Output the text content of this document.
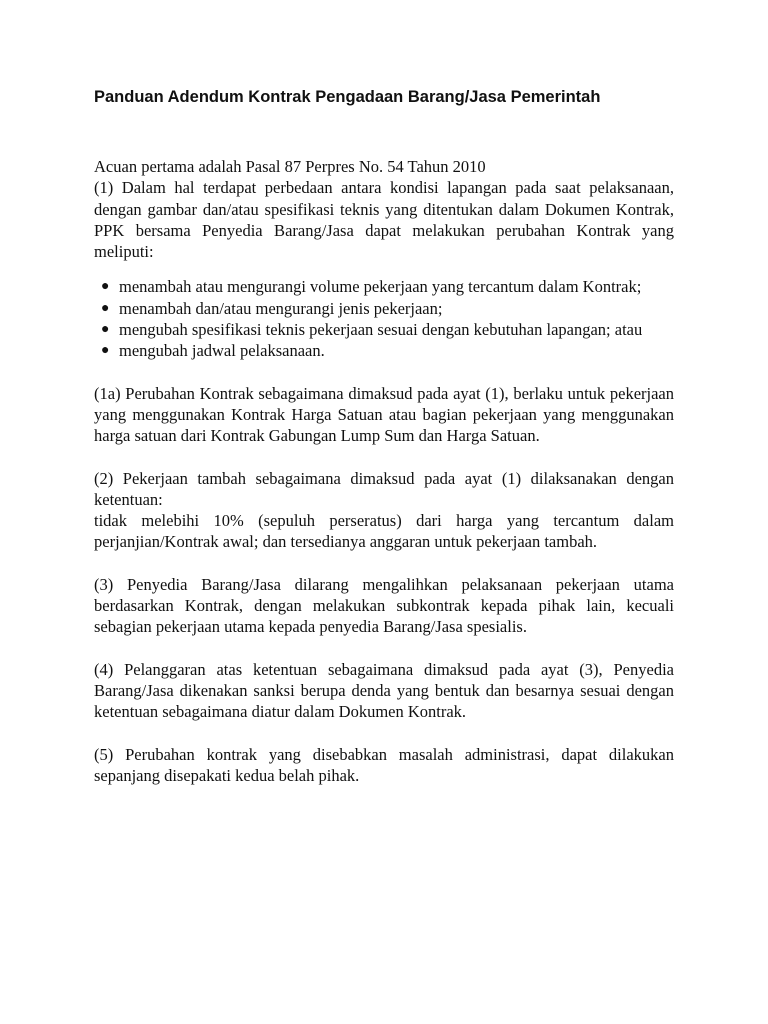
Panduan Adendum Kontrak Pengadaan Barang/Jasa Pemerintah

Acuan pertama adalah Pasal 87 Perpres No. 54 Tahun 2010

(1) Dalam hal terdapat perbedaan antara kondisi lapangan pada saat pelaksanaan, dengan gambar dan/atau spesifikasi teknis yang ditentukan dalam Dokumen Kontrak, PPK bersama Penyedia Barang/Jasa dapat melakukan perubahan Kontrak yang meliputi:

● menambah atau mengurangi volume pekerjaan yang tercantum dalam Kontrak;
● menambah dan/atau mengurangi jenis pekerjaan;
● mengubah spesifikasi teknis pekerjaan sesuai dengan kebutuhan lapangan; atau
● mengubah jadwal pelaksanaan.

(1a) Perubahan Kontrak sebagaimana dimaksud pada ayat (1), berlaku untuk pekerjaan yang menggunakan Kontrak Harga Satuan atau bagian pekerjaan yang menggunakan harga satuan dari Kontrak Gabungan Lump Sum dan Harga Satuan.

(2) Pekerjaan tambah sebagaimana dimaksud pada ayat (1) dilaksanakan dengan ketentuan:

tidak melebihi 10% (sepuluh perseratus) dari harga yang tercantum dalam perjanjian/Kontrak awal; dan tersedianya anggaran untuk pekerjaan tambah.

(3) Penyedia Barang/Jasa dilarang mengalihkan pelaksanaan pekerjaan utama berdasarkan Kontrak, dengan melakukan subkontrak kepada pihak lain, kecuali sebagian pekerjaan utama kepada penyedia Barang/Jasa spesialis.

(4) Pelanggaran atas ketentuan sebagaimana dimaksud pada ayat (3), Penyedia Barang/Jasa dikenakan sanksi berupa denda yang bentuk dan besarnya sesuai dengan ketentuan sebagaimana diatur dalam Dokumen Kontrak.

(5) Perubahan kontrak yang disebabkan masalah administrasi, dapat dilakukan sepanjang disepakati kedua belah pihak.
